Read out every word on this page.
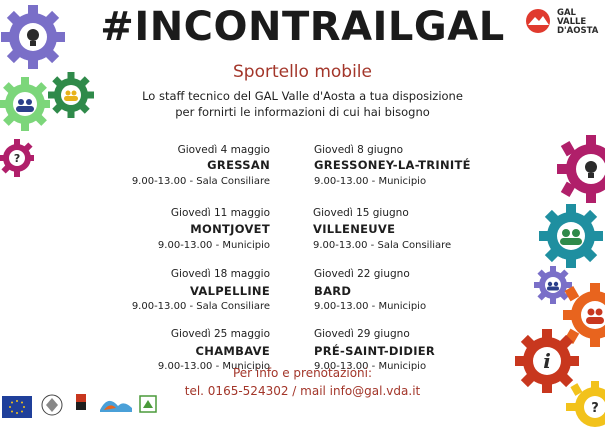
#INCONTRAILGAL
Sportello mobile
Lo staff tecnico del GAL Valle d'Aosta a tua disposizione
per fornirti le informazioni di cui hai bisogno
GAL
VALLE
D'AOSTA
Giovedì 4 maggio
GRESSAN
9.00-13.00 - Sala Consiliare
Giovedì 11 maggio
MONTJOVET
9.00-13.00 - Municipio
Giovedì 18 maggio
VALPELLINE
9.00-13.00 - Sala Consiliare
Giovedì 25 maggio
CHAMBAVE
9.00-13.00 - Municipio
Giovedì 8 giugno
GRESSONEY-LA-TRINITÉ
9.00-13.00 - Municipio
Giovedì 15 giugno
VILLENEUVE
9.00-13.00 - Sala Consiliare
Giovedì 22 giugno
BARD
9.00-13.00 - Municipio
Giovedì 29 giugno
PRÉ-SAINT-DIDIER
9.00-13.00 - Municipio
Per info e prenotazioni:
tel. 0165-524302 / mail info@gal.vda.it
?
i
?
